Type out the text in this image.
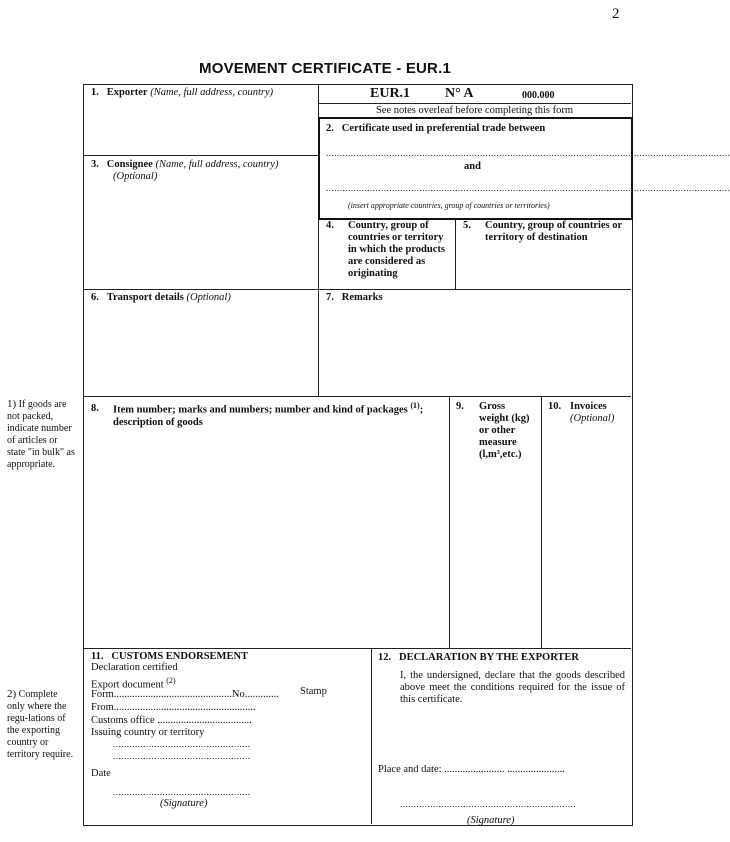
2
MOVEMENT CERTIFICATE - EUR.1
1. Exporter (Name, full address, country)	EUR.1 N° A	000.000
See notes overleaf before completing this form
2. Certificate used in preferential trade between
...................................................................................................................................................
and
...................................................................................................................................................
(insert appropriate countries, group of countries or territories)
3. Consignee (Name, full address, country)
(Optional)
4. Country, group of countries or territory in which the products are considered as originating
5. Country, group of countries or territory of destination
6. Transport details (Optional)	7. Remarks
8. Item number; marks and numbers; number and kind of packages $^{(1)}$;
description of goods
9. Gross weight (kg) or other measure (l,m³,etc.)
10. Invoices
(Optional)
11. CUSTOMS ENDORSEMENT
Declaration certified
Export document $^{(2)}$
Form.............................................No............. Stamp
From......................................................
Customs office ....................................
Issuing country or territory
..................................................
..................................................
Date
..................................................
(Signature)
12. DECLARATION BY THE EXPORTER
I, the undersigned, declare that the goods described above meet the conditions required for the issue of this certificate.
Place and date: ....................... ......................
................................................................
(Signature)
1) If goods are not packed, indicate number of articles or state "in bulk" as appropriate.
2) Complete only where the regu-lations of the exporting country or territory require.
